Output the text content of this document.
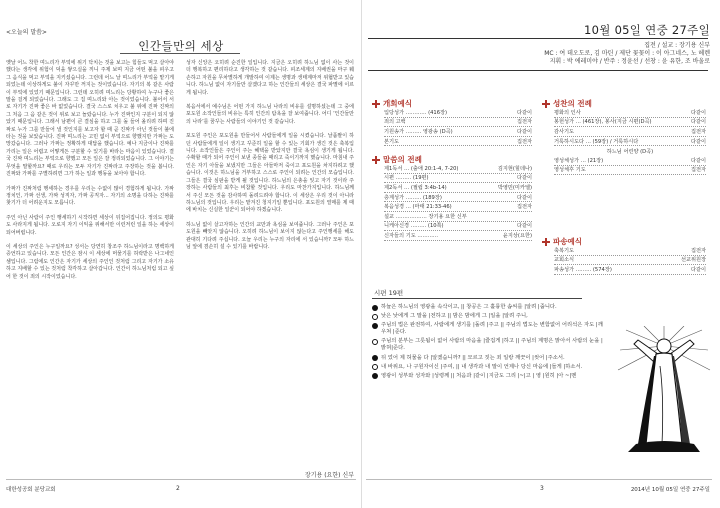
<오늘의 말씀>
인간들만의 세상

옛날 어느 착한 며느리가 부엌에 위기 닥치는 것을 보고는 힘들도 먹고 살아야 했다는 생각에 위험이 덕을 쌓으실을 끼니 주제 보며 지금 어떤 불을 피우고 그 음식을 먹고 부엌을 지키셨습니다. 그런데 어느 날 며느리가 부엌을 맡기게 되었는데 이상하게도 불이 자꾸만 꺼지는 것이었습니다. 자기의 복 같은 사람이 부엌에 있었기 때문입니다. 그런데 오히려 며느리는 당황하여 누구나 좋은 말을 걸게 되었습니다. 그래도 그 집 며느리와 아는 것이었습니다. 불어서 서로 자기가 진짜 좋은 바 없었습니다. 결국 스스로 치우고 불 위에 진짜 진짜의 그 처음 그 음 같은 것이 위로 보고 놀랐습니다. 누가 진짜인지 구분이 되지 않았기 때문입니다. 그래서 남편이 큰 결심을 하고 그를 돌 들어 올리려 하며 진짜로 누가 그를 만들어 낼 것인지를 보고자 할 때 곧 진짜가 아닌 것들이 불에 타는 것을 보았습니다. 진짜 며느리는 고민 없이 부엌으로 향했지만 가짜는 도망갔습니다. 그러나 가짜는 정확하게 대답을 했습니다. 예나 지금이나 진짜를 가리는 일은 어렵고 어떻게든 구분할 수 있기를 바라는 마음이 있었습니다. 결국 진짜 며느리는 부엌으로 향했고 모든 일은 잘 정리되었습니다. 그 이야기는 무엇을 말할까요? 때로 우리는 모두 자기가 진짜라고 주장하는 것을 봅니다. 진짜와 가짜를 구별하려면 그가 하는 일과 행동을 보아야 합니다.

가짜가 진짜처럼 행세하는 경우를 우리는 수없이 많이 경험하게 됩니다. 가짜 정치인, 가짜 선생, 가짜 성직자, 가짜 공직자... 자기의 소명을 다하는 진짜를 찾기가 더 어려운지도 모릅니다.

주인 아닌 사람이 주인 행세하기 시작하면 세상이 뒤집어집니다. 정의도 평화도 사라지게 됩니다. 오로지 자기 이익을 위해서만 이런저런 일을 하는 세상이 되어버립니다.

이 세상의 주인은 누구일까요? 성서는 당연히 창조주 하느님이라고 명백하게 증언하고 있습니다. 모든 인간은 잠시 이 세상에 머물기를 허락받은 나그네인 셈입니다. 그럼에도 인간은 자기가 세상의 주인인 것처럼 그리고 자기가 소유하고 지배할 수 있는 것처럼 착각하고 살아갑니다. 인간이 하느님처럼 되고 싶어 한 것이 죄의 시작이었습니다.

성자 신앙은 오히려 순진한 일입니다. 지금은 오히려 하느님 없이 사는 것이 더 행복하고 편리하다고 생각하는 것 같습니다. 피조세계의 지배권을 마구 훼손하고 자원을 무차별하게 개발하여 이제는 생명과 생태계마저 위협받고 있습니다. 하느님 없이 자기들만 살겠다고 하는 인간들의 세상은 결국 파멸에 이르게 됩니다.

복음서에서 예수님은 어떤 가지 하느님 나라의 비유를 설명하셨는데 그 중에 포도원 소작인들의 비유는 특히 인간의 탐욕을 잘 보여줍니다. 어디 ‘인간들만의 나라’를 꿈꾸는 사람들의 이야기인 것 같습니다.

포도원 주인은 포도원을 만들어서 사람들에게 일을 시켰습니다. 날품팔이 하던 사람들에게 일이 생기고 꾸준히 일을 할 수 있는 기회가 생긴 것은 축복입니다. 소작인들은 주인이 주는 혜택을 받았지만 결국 욕심이 생기게 됩니다. 수확할 때가 되어 주인이 보낸 종들을 때리고 죽이기까지 했습니다. 마침내 주인은 자기 아들을 보냈지만 그들은 아들마저 죽이고 포도원을 차지하려고 했습니다. 이것은 하느님을 거부하고 스스로 주인이 되려는 인간의 모습입니다. 그들은 결국 심판을 받게 될 것입니다. 하느님의 은총을 잊고 자기 것이라 주장하는 사람들의 최후는 비참할 것입니다. 우리도 마찬가지입니다. 하느님께서 주신 모든 것을 감사하며 돌려드려야 합니다. 이 세상은 우리 것이 아니라 하느님의 것입니다. 우리는 맡겨진 청지기일 뿐입니다. 포도원의 열매를 제 때에 바치는 신실한 일꾼이 되어야 하겠습니다.

하느님 없이 살고자하는 인간의 교만과 욕심을 보여줍니다. 그러나 주인은 포도원을 빼앗지 않습니다. 오히려 하느님이 보이지 않는다고 주인행세를 해도 관대히 기다려 주십니다. 오늘 우리는 누구의 자리에 서 있습니까? 모두 하느님 앞에 겸손히 설 수 있기를 바랍니다.

장기용 (요한) 신부
대한성공회 분당교회	2
10월 05일 연중 27주일
집전 / 설교 : 장기용 신부
MC : 여 데오도로, 김 마틴 / 제단 꽃꽂이 : 이 아그네스, 노 헤렌
지휘 : 박 에레미야 / 반주 : 정윤선 / 선창 : 윤 유한, 조 바울로
개회예식
입당성가 ………… (416장)	다같이
죄의 고백	집전자
기원송가 ……… 영광송 (D곡)	다같이
본기도	집전자
말씀의 전례
제1독서 … (출애 20:1-4, 7-20)	김지현(힐데나)
시편 ……… (19편)	다같이
제2독서 … (필립 3:4b-14)	박영민(미카엘)
층계성가 ……… (189장)	다같이
복음성경 … (마태 21:33-46)	집전자
설교 ……………… 장기용 요한 신부
니케아신경 ……… (10쪽)	다같이
신자들의 기도 …………	윤지상(요한)
성찬의 전례
평화의 인사	다같이
봉헌성가 … (461장), 봉사(지금 시편(D곡)	다같이
감사기도	집전자
거룩하시도다 … (59장) / 거룩하시다	다같이
하느님 어린양 (D곡)
영성체성가 … (21장)	다같이
영성체후 기도	집전자
파송예식
축복기도	집전자
교회소식	선교위원장
파송성가 ……… (574장)	다같이
시편 19편
하늘은 하느님의 영광을 속삭이고, || 창공은 그 훌륭한 솜씨를 |알려 |줍니다.
낮은 낮에게 그 말을 |전하고 || 밤은 밤에게 그 |일을 |알려 주니,
주님의 법은 완전하여, 사람에게 생기를 |돌려 |주고 || 주님의 법도는 변함없어 어리석은 자도 |깨우쳐 |준다.
주님의 분부는 그릇됨이 없어 사람의 마음을 |즐겁게 |하고 || 주님의 계명은 맑아서 사람의 눈을 |밝혀|준다.
뒤 었어 제 허물을 다 |알겠습니까? || 모르고 짓는 죄 일랑 깨끗이 |씻어 |주소서.
내 바위요, 나 구원자이신 |주여, || 내 생각과 내 말이 언제나 당신 마음에 |들게 |하소서.
영광이 성부와 성자와 |성령께 || 처음과 |같이 |지금도 그리 |~|고 | 영 |원히 |아 ~|멘
3	2014년 10월 05일 연중 27주일
